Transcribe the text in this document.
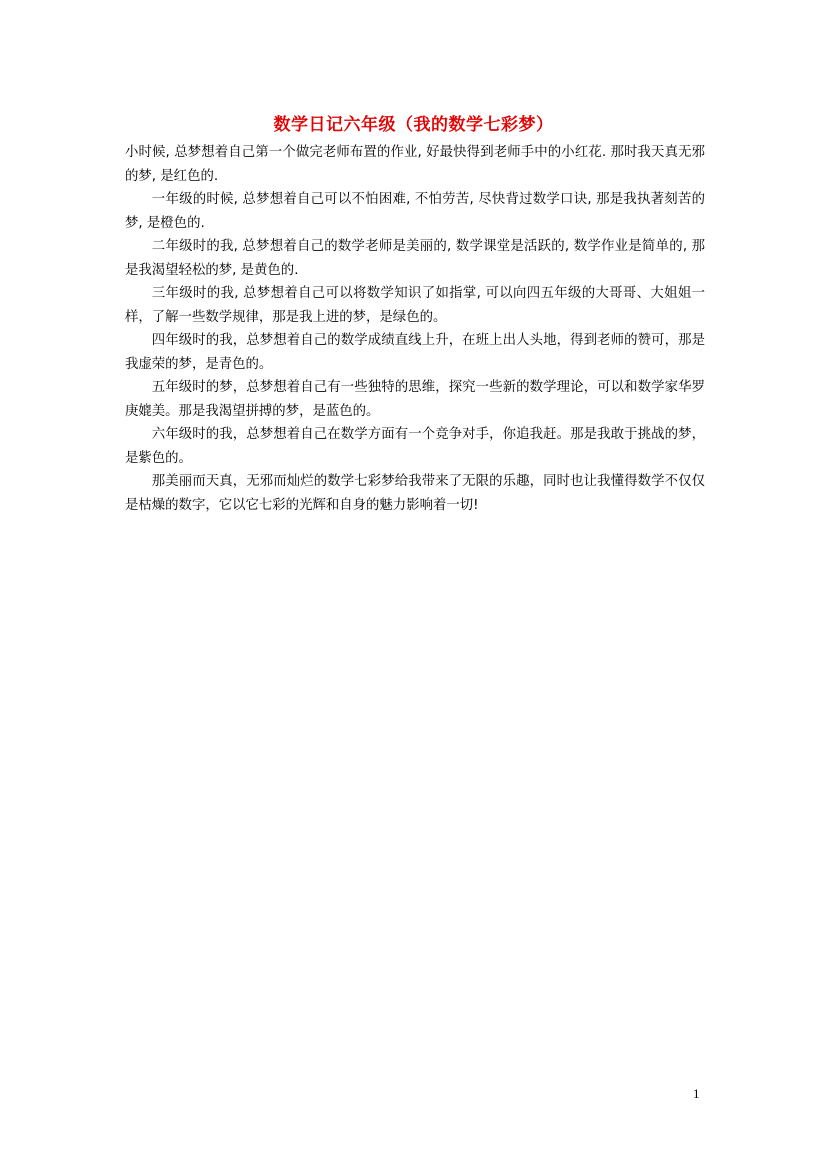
数学日记六年级（我的数学七彩梦）

小时候, 总梦想着自己第一个做完老师布置的作业, 好最快得到老师手中的小红花. 那时我天真无邪的梦, 是红色的.

一年级的时候, 总梦想着自己可以不怕困难, 不怕劳苦, 尽快背过数学口诀, 那是我执著刻苦的梦, 是橙色的.

二年级时的我, 总梦想着自己的数学老师是美丽的, 数学课堂是活跃的, 数学作业是简单的, 那是我渴望轻松的梦, 是黄色的.

三年级时的我, 总梦想着自己可以将数学知识了如指掌, 可以向四五年级的大哥哥、大姐姐一样，了解一些数学规律，那是我上进的梦，是绿色的。

四年级时的我，总梦想着自己的数学成绩直线上升，在班上出人头地，得到老师的赞可，那是我虚荣的梦，是青色的。

五年级时的梦，总梦想着自己有一些独特的思维，探究一些新的数学理论，可以和数学家华罗庚媲美。那是我渴望拼搏的梦，是蓝色的。

六年级时的我，总梦想着自己在数学方面有一个竞争对手，你追我赶。那是我敢于挑战的梦，是紫色的。

那美丽而天真，无邪而灿烂的数学七彩梦给我带来了无限的乐趣，同时也让我懂得数学不仅仅是枯燥的数字，它以它七彩的光辉和自身的魅力影响着一切!

1
